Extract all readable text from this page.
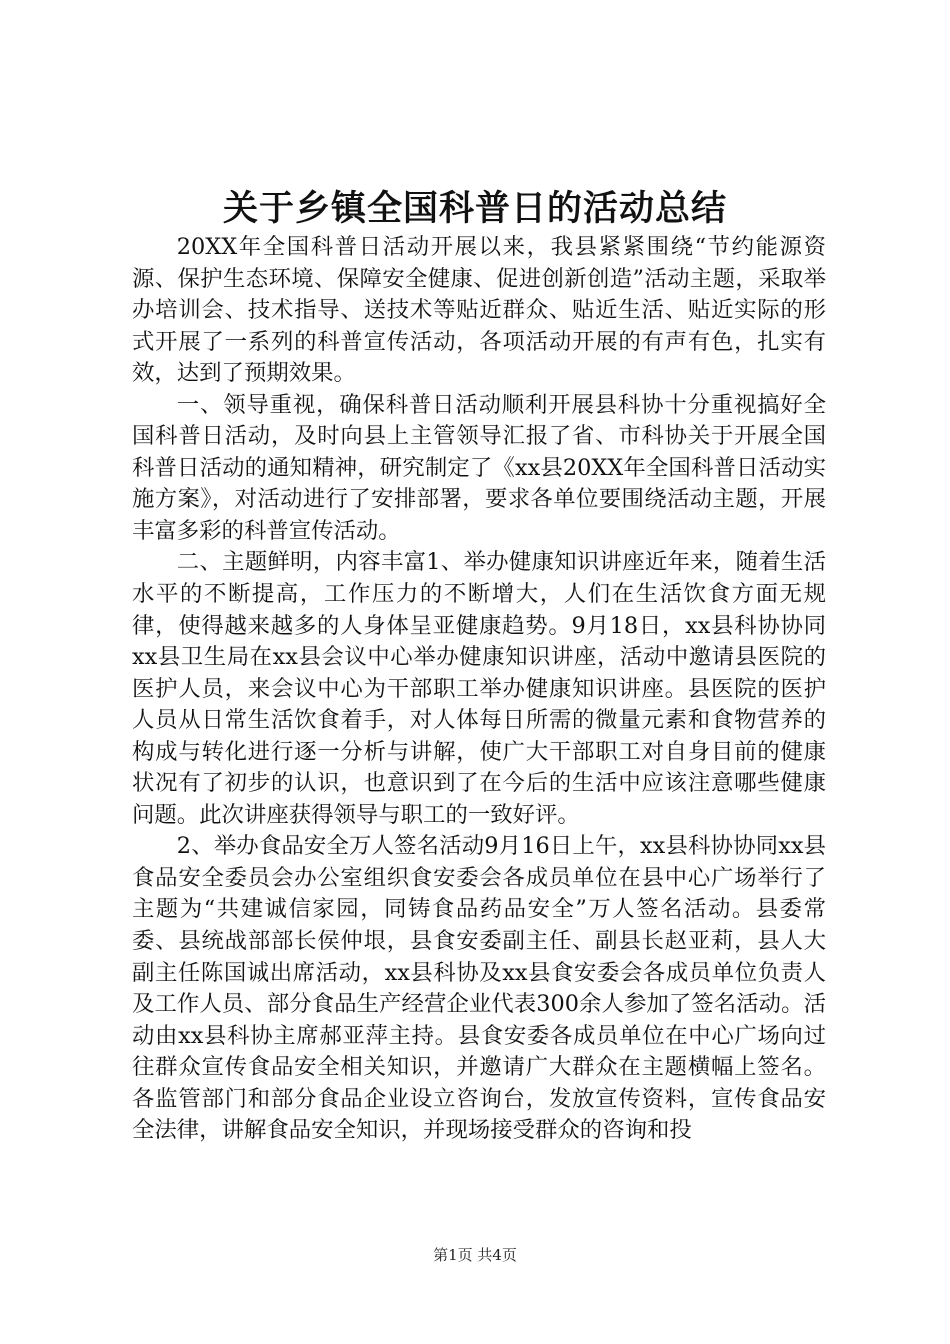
关于乡镇全国科普日的活动总结

20XX年全国科普日活动开展以来，我县紧紧围绕“节约能源资源、保护生态环境、保障安全健康、促进创新创造”活动主题，采取举办培训会、技术指导、送技术等贴近群众、贴近生活、贴近实际的形式开展了一系列的科普宣传活动，各项活动开展的有声有色，扎实有效，达到了预期效果。

一、领导重视，确保科普日活动顺利开展县科协十分重视搞好全国科普日活动，及时向县上主管领导汇报了省、市科协关于开展全国科普日活动的通知精神，研究制定了《xx县20XX年全国科普日活动实施方案》，对活动进行了安排部署，要求各单位要围绕活动主题，开展丰富多彩的科普宣传活动。

二、主题鲜明，内容丰富1、举办健康知识讲座近年来，随着生活水平的不断提高，工作压力的不断增大，人们在生活饮食方面无规律，使得越来越多的人身体呈亚健康趋势。9月18日，xx县科协协同xx县卫生局在xx县会议中心举办健康知识讲座，活动中邀请县医院的医护人员，来会议中心为干部职工举办健康知识讲座。县医院的医护人员从日常生活饮食着手，对人体每日所需的微量元素和食物营养的构成与转化进行逐一分析与讲解，使广大干部职工对自身目前的健康状况有了初步的认识，也意识到了在今后的生活中应该注意哪些健康问题。此次讲座获得领导与职工的一致好评。

2、举办食品安全万人签名活动9月16日上午，xx县科协协同xx县食品安全委员会办公室组织食安委会各成员单位在县中心广场举行了主题为“共建诚信家园，同铸食品药品安全”万人签名活动。县委常委、县统战部部长侯仲垠，县食安委副主任、副县长赵亚莉，县人大副主任陈国诚出席活动，xx县科协及xx县食安委会各成员单位负责人及工作人员、部分食品生产经营企业代表300余人参加了签名活动。活动由xx县科协主席郝亚萍主持。县食安委各成员单位在中心广场向过往群众宣传食品安全相关知识，并邀请广大群众在主题横幅上签名。各监管部门和部分食品企业设立咨询台，发放宣传资料，宣传食品安全法律，讲解食品安全知识，并现场接受群众的咨询和投

第1页 共4页
